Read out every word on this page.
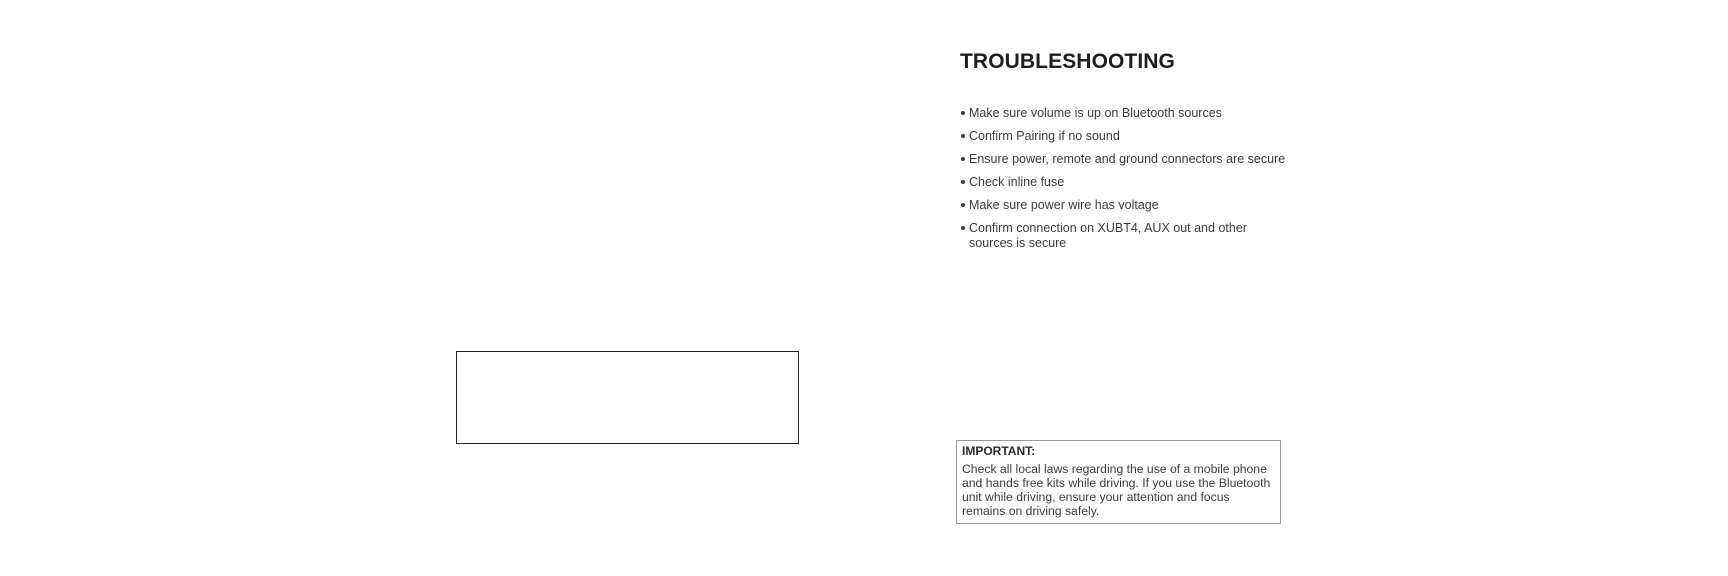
TROUBLESHOOTING
Make sure volume is up on Bluetooth sources
Confirm Pairing if no sound
Ensure power, remote and ground connectors are secure
Check inline fuse
Make sure power wire has voltage
Confirm connection on XUBT4, AUX out and other sources is secure
IMPORTANT:

Check all local laws regarding the use of a mobile phone and hands free kits while driving. If you use the Bluetooth unit while driving, ensure your attention and focus remains on driving safely.
